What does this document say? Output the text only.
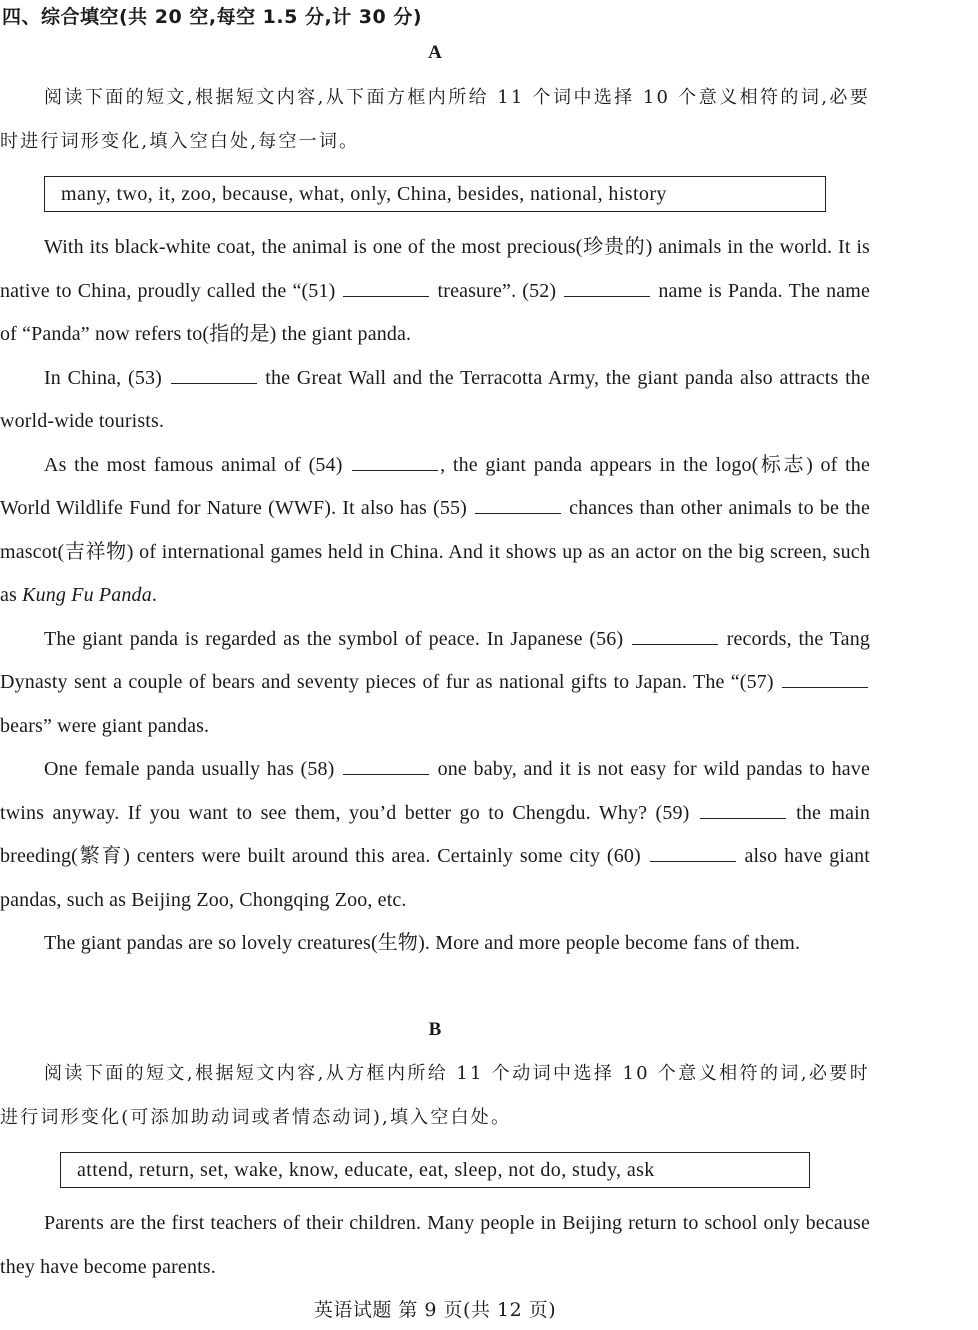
四、综合填空(共 20 空,每空 1.5 分,计 30 分)
A
阅读下面的短文,根据短文内容,从下面方框内所给 11 个词中选择 10 个意义相符的词,必要时进行词形变化,填入空白处,每空一词。
many, two, it, zoo, because, what, only, China, besides, national, history

With its black-white coat, the animal is one of the most precious(珍贵的) animals in the world. It is native to China, proudly called the “(51)	treasure”. (52)	name is Panda. The name of “Panda” now refers to(指的是) the giant panda.

In China, (53)	the Great Wall and the Terracotta Army, the giant panda also attracts the world-wide tourists.

As the most famous animal of (54)	, the giant panda appears in the logo(标志) of the World Wildlife Fund for Nature (WWF). It also has (55)	chances than other animals to be the mascot(吉祥物) of international games held in China. And it shows up as an actor on the big screen, such as Kung Fu Panda.

The giant panda is regarded as the symbol of peace. In Japanese (56)	records, the Tang Dynasty sent a couple of bears and seventy pieces of fur as national gifts to Japan. The “(57)  bears” were giant pandas.

One female panda usually has (58)	one baby, and it is not easy for wild pandas to have twins anyway. If you want to see them, you’d better go to Chengdu. Why? (59)	the main breeding(繁育) centers were built around this area. Certainly some city (60)	also have giant pandas, such as Beijing Zoo, Chongqing Zoo, etc.

The giant pandas are so lovely creatures(生物). More and more people become fans of them.

B
阅读下面的短文,根据短文内容,从方框内所给 11 个动词中选择 10 个意义相符的词,必要时进行词形变化(可添加助动词或者情态动词),填入空白处。
attend, return, set, wake, know, educate, eat, sleep, not do, study, ask

Parents are the first teachers of their children. Many people in Beijing return to school only because they have become parents.

英语试题 第 9 页(共 12 页)
